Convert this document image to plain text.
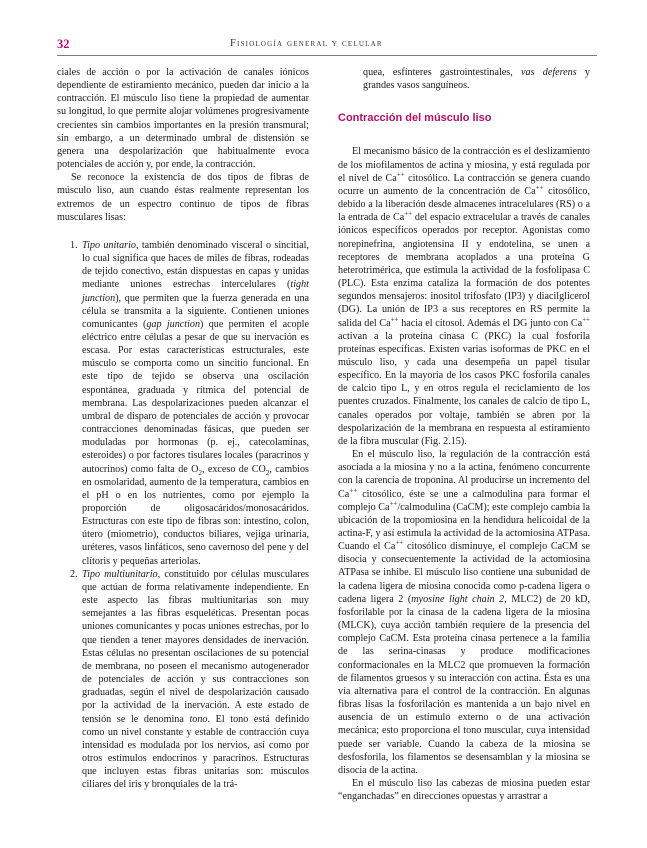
32	Fisiología general y celular

ciales de acción o por la activación de canales iónicos dependiente de estiramiento mecánico, pueden dar inicio a la contracción. El músculo liso tiene la propiedad de aumentar su longitud, lo que permite alojar volúmenes progresivamente crecientes sin cambios importantes en la presión transmural; sin embargo, a un determinado umbral de distensión se genera una despolarización que habitualmente evoca potenciales de acción y, por ende, la contracción.

Se reconoce la existencia de dos tipos de fibras de músculo liso, aun cuando éstas realmente representan los extremos de un espectro continuo de tipos de fibras musculares lisas:

1. Tipo unitario, también denominado visceral o sincitial, lo cual significa que haces de miles de fibras, rodeadas de tejido conectivo, están dispuestas en capas y unidas mediante uniones estrechas intercelulares (tight junction), que permiten que la fuerza generada en una célula se transmita a la siguiente. Contienen uniones comunicantes (gap junction) que permiten el acople eléctrico entre células a pesar de que su inervación es escasa. Por estas características estructurales, este músculo se comporta como un sincitio funcional. En este tipo de tejido se observa una oscilación espontánea, graduada y rítmica del potencial de membrana. Las despolarizaciones pueden alcanzar el umbral de disparo de potenciales de acción y provocar contracciones denominadas fásicas, que pueden ser moduladas por hormonas (p. ej., catecolaminas, esteroides) o por factores tisulares locales (paracrinos y autocrinos) como falta de $O_2$, exceso de $CO_2$, cambios en osmolaridad, aumento de la temperatura, cambios en el pH o en los nutrientes, como por ejemplo la proporción de oligosacáridos/monosacáridos. Estructuras con este tipo de fibras son: intestino, colon, útero (miometrio), conductos biliares, vejiga urinaria, uréteres, vasos linfáticos, seno cavernoso del pene y del clítoris y pequeñas arteriolas.
2. Tipo multiunitario, constituido por células musculares que actúan de forma relativamente independiente. En este aspecto las fibras multiunitarias son muy semejantes a las fibras esqueléticas. Presentan pocas uniones comunicantes y pocas uniones estrechas, por lo que tienden a tener mayores densidades de inervación. Estas células no presentan oscilaciones de su potencial de membrana, no poseen el mecanismo autogenerador de potenciales de acción y sus contracciones son graduadas, según el nivel de despolarización causado por la actividad de la inervación. A este estado de tensión se le denomina tono. El tono está definido como un nivel constante y estable de contracción cuya intensidad es modulada por los nervios, así como por otros estímulos endocrinos y paracrinos. Estructuras que incluyen estas fibras unitarias son: músculos ciliares del iris y bronquiales de la trá-

quea, esfínteres gastrointestinales, vas deferens y grandes vasos sanguíneos.

Contracción del músculo liso

El mecanismo básico de la contracción es el deslizamiento de los miofilamentos de actina y miosina, y está regulada por el nivel de Ca++ citosólico. La contracción se genera cuando ocurre un aumento de la concentración de Ca++ citosólico, debido a la liberación desde almacenes intracelulares (RS) o a la entrada de Ca++ del espacio extracelular a través de canales iónicos específicos operados por receptor. Agonistas como norepinefrina, angiotensina II y endotelina, se unen a receptores de membrana acoplados a una proteína G heterotrimérica, que estimula la actividad de la fosfolipasa C (PLC). Esta enzima cataliza la formación de dos potentes segundos mensajeros: inositol trifosfato (IP3) y diacilglicerol (DG). La unión de IP3 a sus receptores en RS permite la salida del Ca++ hacia el citosol. Además el DG junto con Ca++ activan a la proteína cinasa C (PKC) la cual fosforila proteínas específicas. Existen varias isoformas de PKC en el músculo liso, y cada una desempeña un papel tisular específico. En la mayoría de los casos PKC fosforila canales de calcio tipo L, y en otros regula el reciclamiento de los puentes cruzados. Finalmente, los canales de calcio de tipo L, canales operados por voltaje, también se abren por la despolarización de la membrana en respuesta al estiramiento de la fibra muscular (Fig. 2.15).

En el músculo liso, la regulación de la contracción está asociada a la miosina y no a la actina, fenómeno concurrente con la carencia de troponina. Al producirse un incremento del Ca++ citosólico, éste se une a calmodulina para formar el complejo Ca++/calmodulina (CaCM); este complejo cambia la ubicación de la tropomiosina en la hendidura helicoidal de la actina-F, y así estimula la actividad de la actomiosina ATPasa. Cuando el Ca++ citosólico disminuye, el complejo CaCM se disocia y consecuentemente la actividad de la actomiosina ATPasa se inhibe. El músculo liso contiene una subunidad de la cadena ligera de miosina conocida como p-cadena ligera o cadena ligera 2 (myosine light chain 2, MLC2) de 20 kD, fosforilable por la cinasa de la cadena ligera de la miosina (MLCK), cuya acción también requiere de la presencia del complejo CaCM. Esta proteína cinasa pertenece a la familia de las serina-cinasas y produce modificaciones conformacionales en la MLC2 que promueven la formación de filamentos gruesos y su interacción con actina. Ésta es una vía alternativa para el control de la contracción. En algunas fibras lisas la fosforilación es mantenida a un bajo nivel en ausencia de un estímulo externo o de una activación mecánica; esto proporciona el tono muscular, cuya intensidad puede ser variable. Cuando la cabeza de la miosina se desfosforila, los filamentos se desensamblan y la miosina se disocia de la actina.

En el músculo liso las cabezas de miosina pueden estar “enganchadas” en direcciones opuestas y arrastrar a
